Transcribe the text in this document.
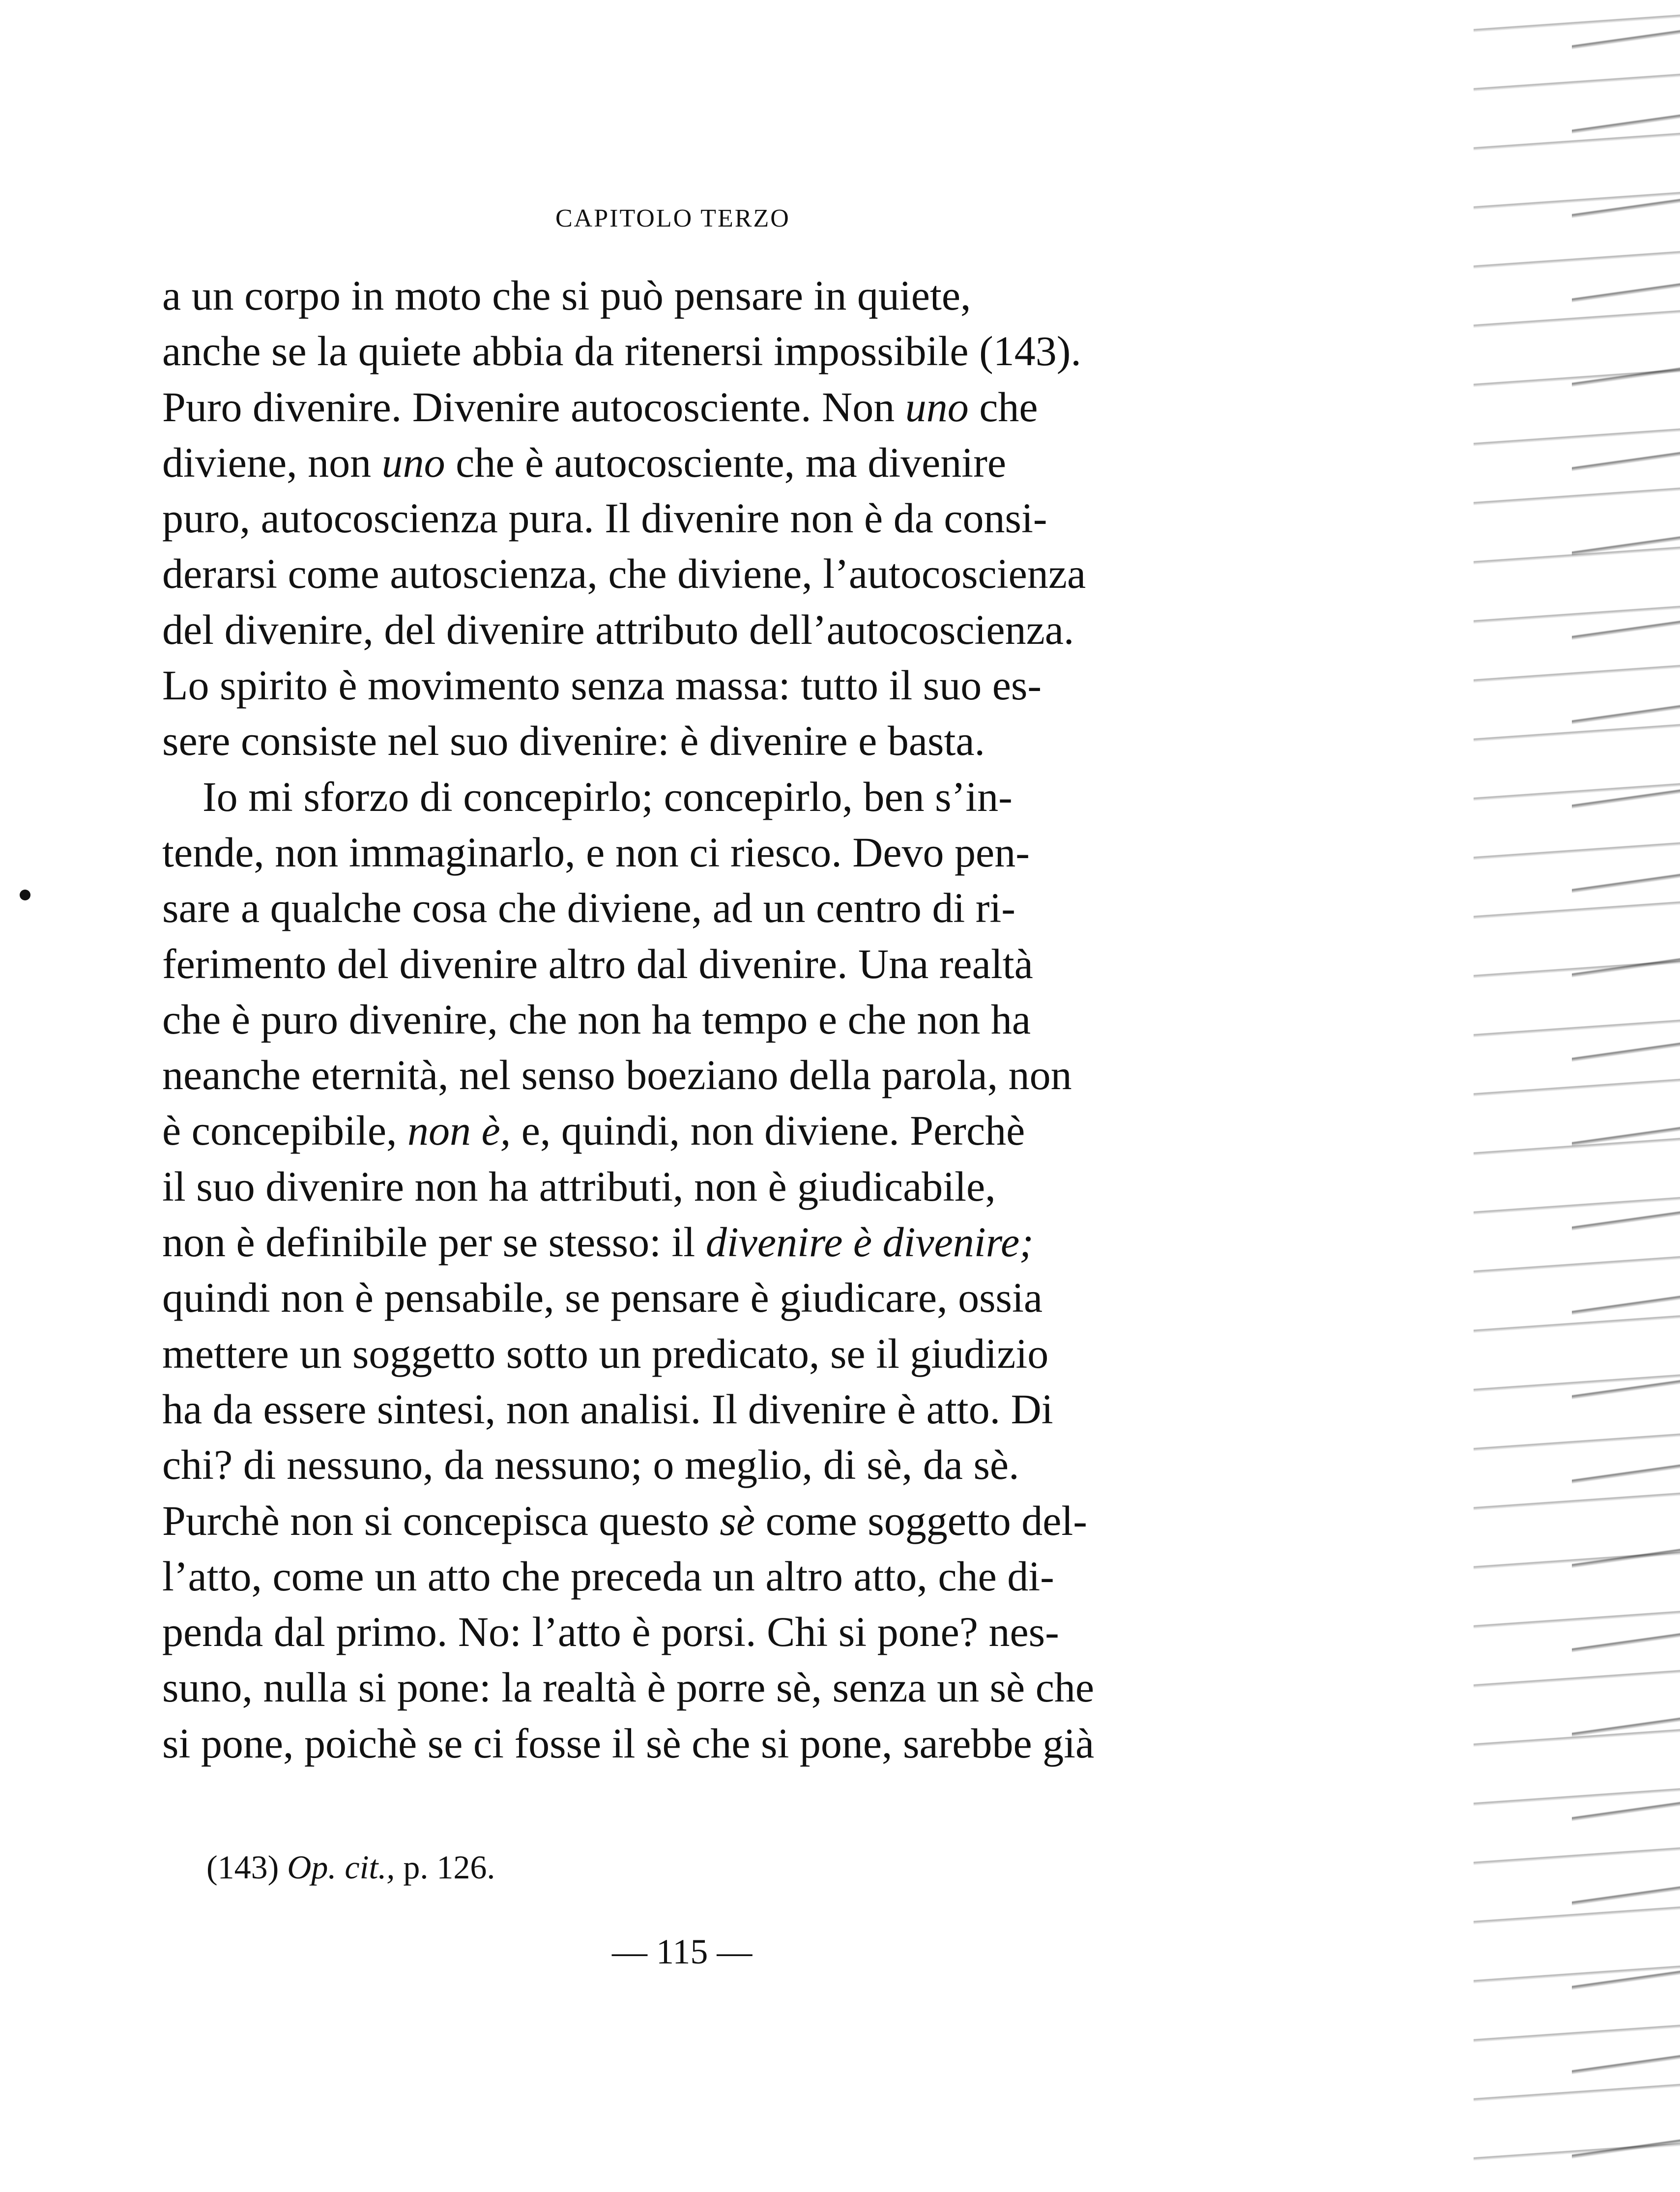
CAPITOLO TERZO
a un corpo in moto che si può pensare in quiete,
anche se la quiete abbia da ritenersi impossibile (143).
Puro divenire. Divenire autocosciente. Non uno che
diviene, non uno che è autocosciente, ma divenire
puro, autocoscienza pura. Il divenire non è da consi-
derarsi come autoscienza, che diviene, l’autocoscienza
del divenire, del divenire attributo dell’autocoscienza.
Lo spirito è movimento senza massa: tutto il suo es-
sere consiste nel suo divenire: è divenire e basta.
Io mi sforzo di concepirlo; concepirlo, ben s’in-
tende, non immaginarlo, e non ci riesco. Devo pen-
sare a qualche cosa che diviene, ad un centro di ri-
ferimento del divenire altro dal divenire. Una realtà
che è puro divenire, che non ha tempo e che non ha
neanche eternità, nel senso boeziano della parola, non
è concepibile, non è, e, quindi, non diviene. Perchè
il suo divenire non ha attributi, non è giudicabile,
non è definibile per se stesso: il divenire è divenire;
quindi non è pensabile, se pensare è giudicare, ossia
mettere un soggetto sotto un predicato, se il giudizio
ha da essere sintesi, non analisi. Il divenire è atto. Di
chi? di nessuno, da nessuno; o meglio, di sè, da sè.
Purchè non si concepisca questo sè come soggetto del-
l’atto, come un atto che preceda un altro atto, che di-
penda dal primo. No: l’atto è porsi. Chi si pone? nes-
suno, nulla si pone: la realtà è porre sè, senza un sè che
si pone, poichè se ci fosse il sè che si pone, sarebbe già
(143) Op. cit., p. 126.
— 115 —
